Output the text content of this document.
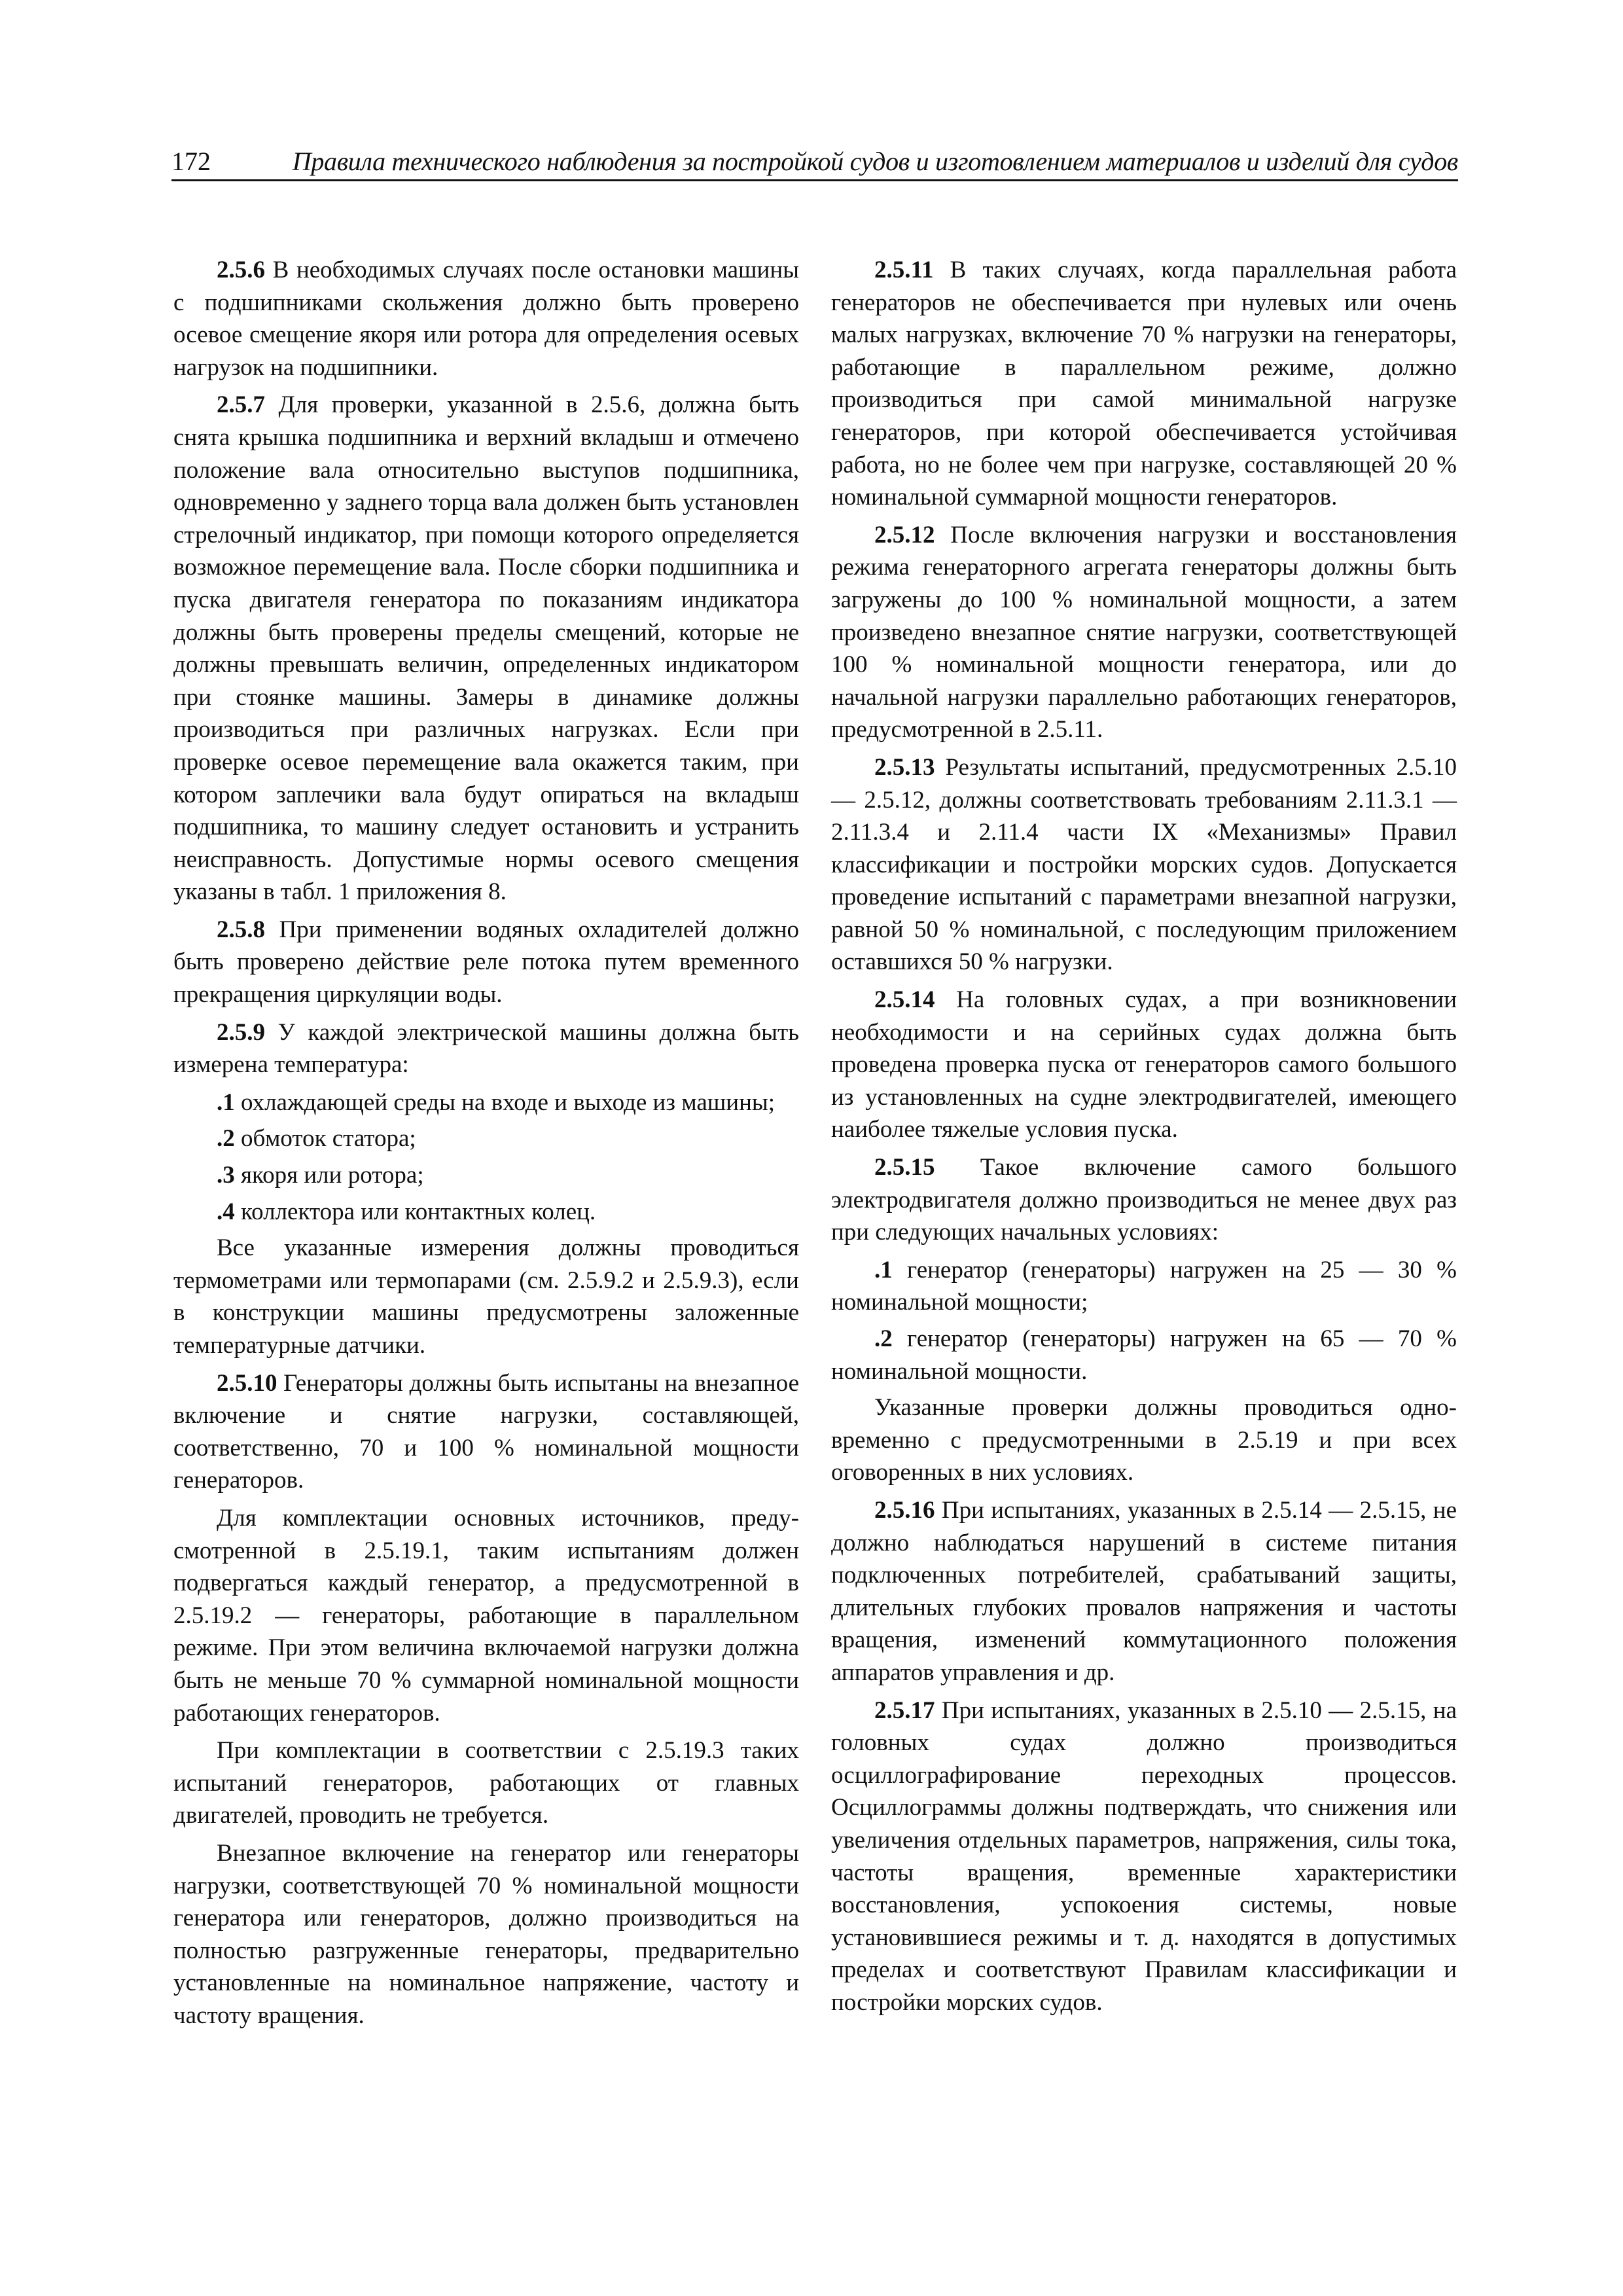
172	Правила технического наблюдения за постройкой судов и изготовлением материалов и изделий для судов

2.5.6 В необходимых случаях после остановки машины с подшипниками скольжения должно быть проверено осевое смещение якоря или ротора для определения осевых нагрузок на подшипники.

2.5.7 Для проверки, указанной в 2.5.6, должна быть снята крышка подшипника и верхний вкладыш и отмечено положение вала относительно выступов подшипника, одновременно у заднего торца вала должен быть установлен стрелочный индикатор, при помощи которого определяется возможное перемещение вала. После сборки подшипника и пуска двигателя генератора по показаниям индикатора должны быть проверены пределы смещений, которые не должны превышать величин, определенных индикатором при стоянке машины. Замеры в динамике должны производиться при различных нагрузках. Если при проверке осевое перемещение вала окажется таким, при котором заплечики вала будут опираться на вкладыш подшипника, то машину следует остановить и устранить неисправность. Допустимые нормы осевого смещения указаны в табл. 1 приложения 8.

2.5.8 При применении водяных охладителей должно быть проверено действие реле потока путем временного прекращения циркуляции воды.

2.5.9 У каждой электрической машины должна быть измерена температура:

.1 охлаждающей среды на входе и выходе из машины;

.2 обмоток статора;

.3 якоря или ротора;

.4 коллектора или контактных колец.

Все указанные измерения должны проводиться термометрами или термопарами (см. 2.5.9.2 и 2.5.9.3), если в конструкции машины предусмотрены заложенные температурные датчики.

2.5.10 Генераторы должны быть испытаны на внезапное включение и снятие нагрузки, составляющей, соответственно, 70 и 100 % номинальной мощности генераторов.

Для комплектации основных источников, предусмотренной в 2.5.19.1, таким испытаниям должен подвергаться каждый генератор, а предусмотренной в 2.5.19.2 — генераторы, работающие в параллельном режиме. При этом величина включаемой нагрузки должна быть не меньше 70 % суммарной номинальной мощности работающих генераторов.

При комплектации в соответствии с 2.5.19.3 таких испытаний генераторов, работающих от главных двигателей, проводить не требуется.

Внезапное включение на генератор или генераторы нагрузки, соответствующей 70 % номинальной мощности генератора или генераторов, должно производиться на полностью разгруженные генераторы, предварительно установленные на номинальное напряжение, частоту и частоту вращения.

2.5.11 В таких случаях, когда параллельная работа генераторов не обеспечивается при нулевых или очень малых нагрузках, включение 70 % нагрузки на генераторы, работающие в параллельном режиме, должно производиться при самой минимальной нагрузке генераторов, при которой обеспечивается устойчивая работа, но не более чем при нагрузке, составляющей 20 % номинальной суммарной мощности генераторов.

2.5.12 После включения нагрузки и восстановления режима генераторного агрегата генераторы должны быть загружены до 100 % номинальной мощности, а затем произведено внезапное снятие нагрузки, соответствующей 100 % номинальной мощности генератора, или до начальной нагрузки параллельно работающих генераторов, предусмотренной в 2.5.11.

2.5.13 Результаты испытаний, предусмотренных 2.5.10 — 2.5.12, должны соответствовать требованиям 2.11.3.1 — 2.11.3.4 и 2.11.4 части IX «Механизмы» Правил классификации и постройки морских судов. Допускается проведение испытаний с параметрами внезапной нагрузки, равной 50 % номинальной, с последующим приложением оставшихся 50 % нагрузки.

2.5.14 На головных судах, а при возникновении необходимости и на серийных судах должна быть проведена проверка пуска от генераторов самого большого из установленных на судне электродвигателей, имеющего наиболее тяжелые условия пуска.

2.5.15 Такое включение самого большого электродвигателя должно производиться не менее двух раз при следующих начальных условиях:

.1 генератор (генераторы) нагружен на 25 — 30 % номинальной мощности;

.2 генератор (генераторы) нагружен на 65 — 70 % номинальной мощности.

Указанные проверки должны проводиться одновременно с предусмотренными в 2.5.19 и при всех оговоренных в них условиях.

2.5.16 При испытаниях, указанных в 2.5.14 — 2.5.15, не должно наблюдаться нарушений в системе питания подключенных потребителей, срабатываний защиты, длительных глубоких провалов напряжения и частоты вращения, изменений коммутационного положения аппаратов управления и др.

2.5.17 При испытаниях, указанных в 2.5.10 — 2.5.15, на головных судах должно производиться осциллографирование переходных процессов. Осциллограммы должны подтверждать, что снижения или увеличения отдельных параметров, напряжения, силы тока, частоты вращения, временные характеристики восстановления, успокоения системы, новые установившиеся режимы и т. д. находятся в допустимых пределах и соответствуют Правилам классификации и постройки морских судов.
